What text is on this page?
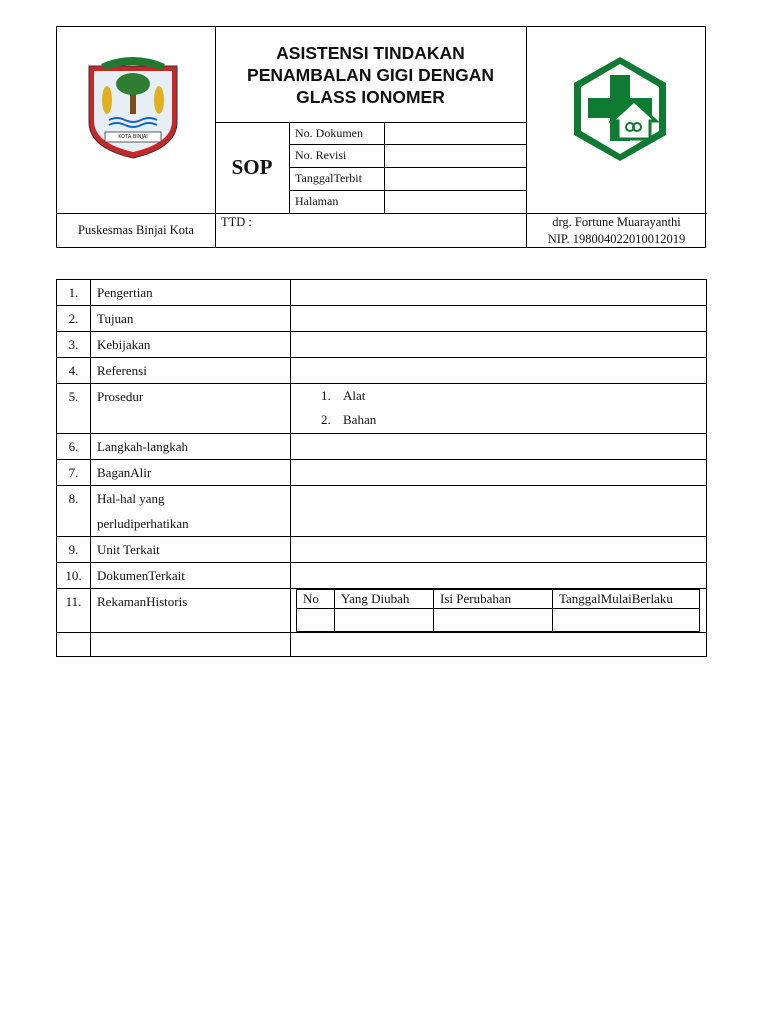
KOTA BINJAI
ASISTENSI TINDAKAN
PENAMBALAN GIGI DENGAN
GLASS IONOMER
SOP
No. Dokumen
No. Revisi
TanggalTerbit
Halaman
Puskesmas Binjai Kota
TTD :	drg. Fortune Muarayanthi
NIP. 198004022010012019
1.	Pengertian	
2.	Tujuan	
3.	Kebijakan	
4.	Referensi	
5.	Prosedur	1. Alat
2. Bahan

6.	Langkah-langkah	
7.	BaganAlir	
8.	Hal-hal yang
perludiperhatikan	
9.	Unit Terkait	
10.	DokumenTerkait	
11.	RekamanHistoris		No	Yang Diubah	Isi Perubahan	TanggalMulaiBerlaku
